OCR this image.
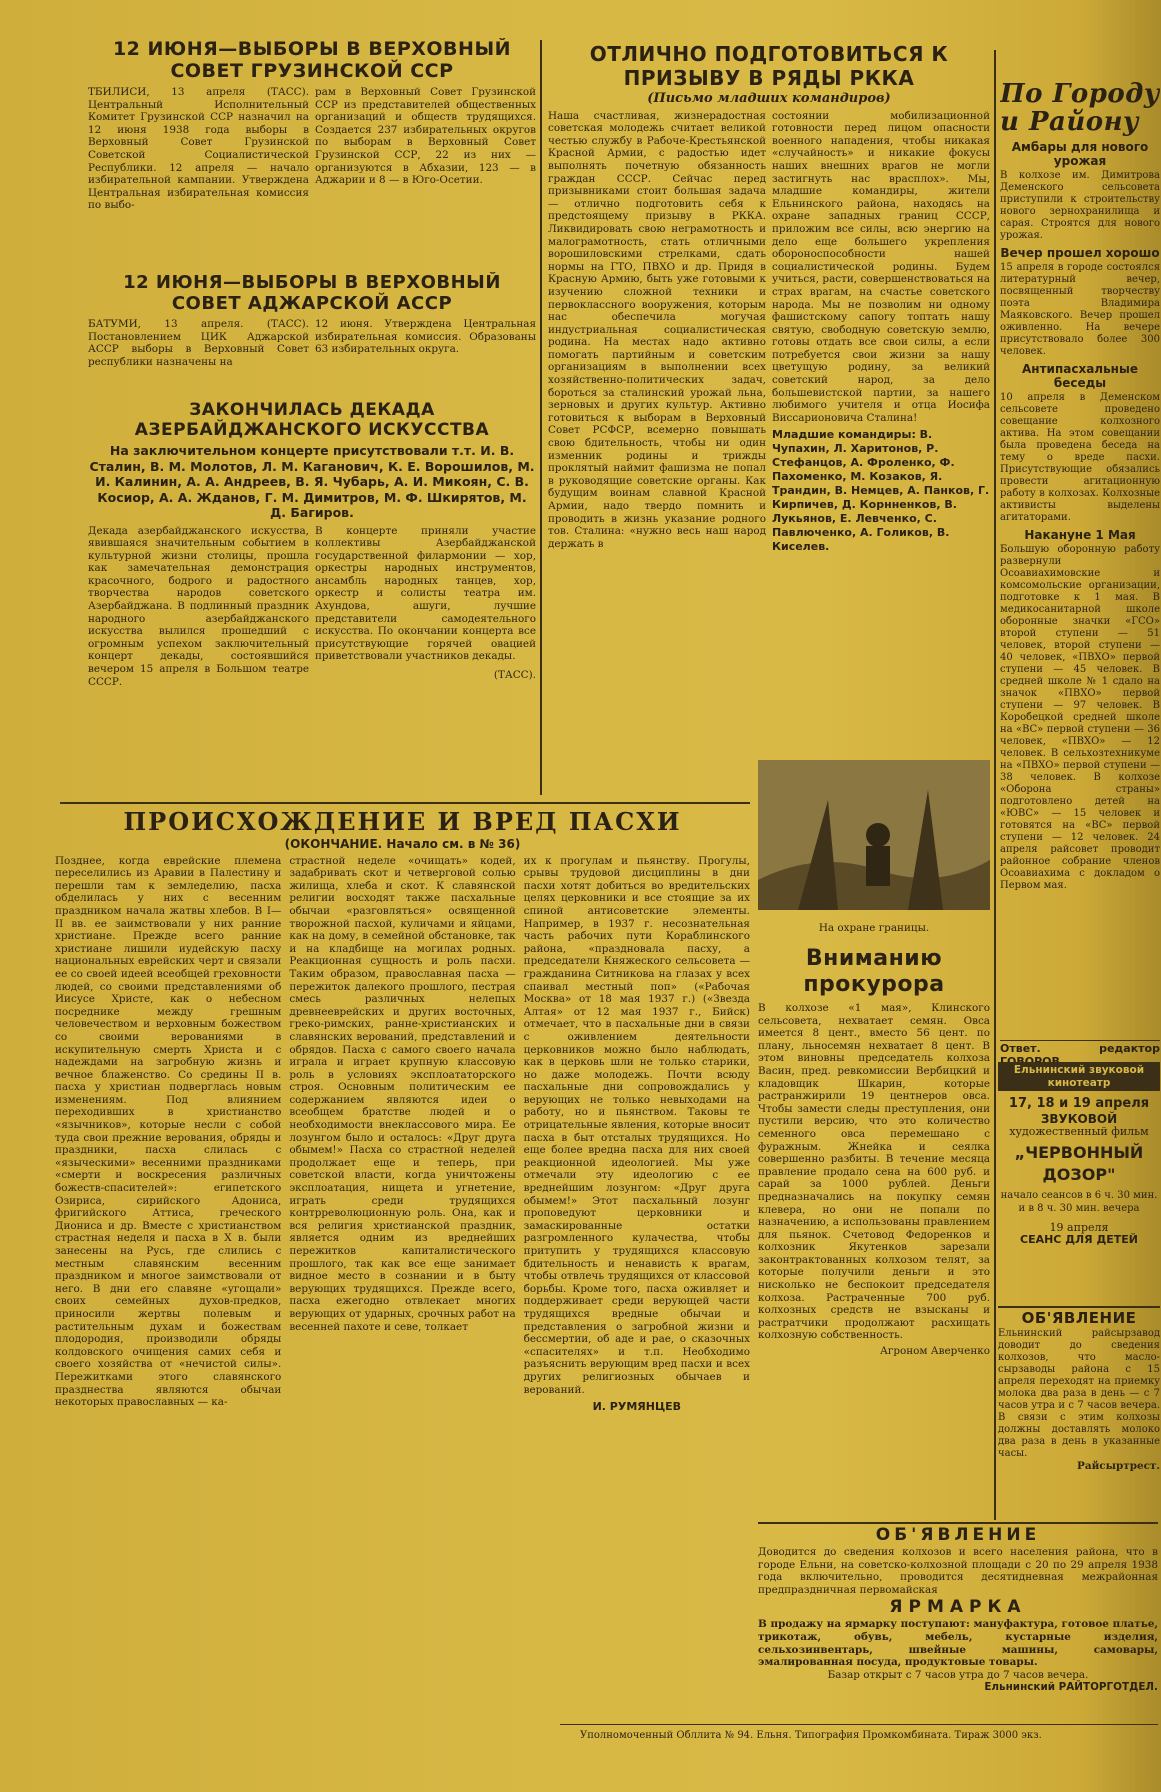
12 ИЮНЯ—ВЫБОРЫ В ВЕРХОВНЫЙ СОВЕТ ГРУЗИНСКОЙ ССР

ТБИЛИСИ, 13 апреля (ТАСС). Центральный Исполнительный Комитет Грузинской ССР назначил на 12 июня 1938 года выборы в Верховный Совет Грузинской Советской Социалистической Республики. 12 апреля — начало избирательной кампании. Утверждена Центральная избирательная комиссия по выбо-

рам в Верховный Совет Грузинской ССР из представителей общественных организаций и обществ трудящихся. Создается 237 избирательных округов по выборам в Верховный Совет Грузинской ССР, 22 из них — организуются в Абхазии, 123 — в Аджарии и 8 — в Юго-Осетии.

12 ИЮНЯ—ВЫБОРЫ В ВЕРХОВНЫЙ СОВЕТ АДЖАРСКОЙ АССР

БАТУМИ, 13 апреля. (ТАСС). Постановлением ЦИК Аджарской АССР выборы в Верховный Совет республики назначены на

12 июня. Утверждена Центральная избирательная комиссия. Образованы 63 избирательных округа.

ЗАКОНЧИЛАСЬ ДЕКАДА АЗЕРБАЙДЖАНСКОГО ИСКУССТВА

На заключительном концерте присутствовали т.т. И. В. Сталин, В. М. Молотов, Л. М. Каганович, К. Е. Ворошилов, М. И. Калинин, А. А. Андреев, В. Я. Чубарь, А. И. Микоян, С. В. Косиор, А. А. Жданов, Г. М. Димитров, М. Ф. Шкирятов, М. Д. Багиров.

Декада азербайджанского искусства, явившаяся значительным событием в культурной жизни столицы, прошла как замечательная демонстрация красочного, бодрого и радостного творчества народов советского Азербайджана. В подлинный праздник народного азербайджанского искусства вылился прошедший с огромным успехом заключительный концерт декады, состоявшийся вечером 15 апреля в Большом театре СССР.

В концерте приняли участие коллективы Азербайджанской государственной филармонии — хор, оркестры народных инструментов, ансамбль народных танцев, хор, оркестр и солисты театра им. Ахундова, ашуги, лучшие представители самодеятельного искусства. По окончании концерта все присутствующие горячей овацией приветствовали участников декады.

(ТАСС).

ОТЛИЧНО ПОДГОТОВИТЬСЯ К ПРИЗЫВУ В РЯДЫ РККА

(Письмо младших командиров)

Наша счастливая, жизнерадостная советская молодежь считает великой честью службу в Рабоче-Крестьянской Красной Армии, с радостью идет выполнять почетную обязанность граждан СССР. Сейчас перед призывниками стоит большая задача — отлично подготовить себя к предстоящему призыву в РККА. Ликвидировать свою неграмотность и малограмотность, стать отличными ворошиловскими стрелками, сдать нормы на ГТО, ПВХО и др. Придя в Красную Армию, быть уже готовыми к изучению сложной техники и первоклассного вооружения, которым нас обеспечила могучая индустриальная социалистическая родина. На местах надо активно помогать партийным и советским организациям в выполнении всех хозяйственно-политических задач, бороться за сталинский урожай льна, зерновых и других культур. Активно готовиться к выборам в Верховный Совет РСФСР, всемерно повышать свою бдительность, чтобы ни один изменник родины и трижды проклятый наймит фашизма не попал в руководящие советские органы. Как будущим воинам славной Красной Армии, надо твердо помнить и проводить в жизнь указание родного тов. Сталина: «нужно весь наш народ держать в

состоянии мобилизационной готовности перед лицом опасности военного нападения, чтобы никакая «случайность» и никакие фокусы наших внешних врагов не могли застигнуть нас врасплох». Мы, младшие командиры, жители Ельнинского района, находясь на охране западных границ СССР, приложим все силы, всю энергию на дело еще большего укрепления обороноспособности нашей социалистической родины. Будем учиться, расти, совершенствоваться на страх врагам, на счастье советского народа. Мы не позволим ни одному фашистскому сапогу топтать нашу святую, свободную советскую землю, готовы отдать все свои силы, а если потребуется свои жизни за нашу цветущую родину, за великий советский народ, за дело большевистской партии, за нашего любимого учителя и отца Иосифа Виссарионовича Сталина!

Младшие командиры: В. Чупахин, Л. Харитонов, Р. Стефанцов, А. Фроленко, Ф. Пахоменко, М. Козаков, Я. Трандин, В. Немцев, А. Панков, Г. Кирпичев, Д. Корнненков, В. Лукьянов, Е. Левченко, С. Павлюченко, А. Голиков, В. Киселев.

На охране границы.

ПРОИСХОЖДЕНИЕ И ВРЕД ПАСХИ

(ОКОНЧАНИЕ. Начало см. в № 36)

Позднее, когда еврейские племена переселились из Аравии в Палестину и перешли там к земледелию, пасха обделилась у них с весенним праздником начала жатвы хлебов. В I—II вв. ее заимствовали у них ранние христиане. Прежде всего ранние христиане лишили иудейскую пасху национальных еврейских черт и связали ее со своей идеей всеобщей греховности людей, со своими представлениями об Иисусе Христе, как о небесном посреднике между грешным человечеством и верховным божеством со своими верованиями в искупительную смерть Христа и с надеждами на загробную жизнь и вечное блаженство. Со средины II в. пасха у христиан подверглась новым изменениям. Под влиянием переходивших в христианство «язычников», которые несли с собой туда свои прежние верования, обряды и праздники, пасха слилась с «языческими» весенними праздниками «смерти и воскресения различных божеств-спасителей»: египетского Озириса, сирийского Адониса, фригийского Аттиса, греческого Диониса и др. Вместе с христианством страстная неделя и пасха в X в. были занесены на Русь, где слились с местным славянским весенним праздником и многое заимствовали от него. В дни его славяне «угощали» своих семейных духов-предков, приносили жертвы полевым и растительным духам и божествам плодородия, производили обряды колдовского очищения самих себя и своего хозяйства от «нечистой силы». Пережитками этого славянского празднества являются обычаи некоторых православных — ка-

страстной неделе «очищать» кодей, задабривать скот и четверговой солью жилища, хлеба и скот. К славянской религии восходят также пасхальные обычаи «разговляться» освященной творожной пасхой, куличами и яйцами, как на дому, в семейной обстановке, так и на кладбище на могилах родных. Реакционная сущность и роль пасхи. Таким образом, православная пасха — пережиток далекого прошлого, пестрая смесь различных нелепых древнееврейских и других восточных, греко-римских, ранне-христианских и славянских верований, представлений и обрядов. Пасха с самого своего начала играла и играет крупную классовую роль в условиях эксплоататорского строя. Основным политическим ее содержанием являются идеи о всеобщем братстве людей и о необходимости внеклассового мира. Ее лозунгом было и осталось: «Друг друга обымем!» Пасха со страстной неделей продолжает еще и теперь, при советской власти, когда уничтожены эксплоатация, нищета и угнетение, играть среди трудящихся контрреволюционную роль. Она, как и вся религия христианской праздник, является одним из вреднейших пережитков капиталистического прошлого, так как все еще занимает видное место в сознании и в быту верующих трудящихся. Прежде всего, пасха ежегодно отвлекает многих верующих от ударных, срочных работ на весенней пахоте и севе, толкает

их к прогулам и пьянству. Прогулы, срывы трудовой дисциплины в дни пасхи хотят добиться во вредительских целях церковники и все стоящие за их спиной антисоветские элементы. Например, в 1937 г. несознательная часть рабочих пути Кораблинского района, «праздновала пасху, а председатели Княжеского сельсовета — гражданина Ситникова на глазах у всех спаивал местный поп» («Рабочая Москва» от 18 мая 1937 г.) («Звезда Алтая» от 12 мая 1937 г., Бийск) отмечает, что в пасхальные дни в связи с оживлением деятельности церковников можно было наблюдать, как в церковь шли не только старики, но даже молодежь. Почти всюду пасхальные дни сопровождались у верующих не только невыходами на работу, но и пьянством. Таковы те отрицательные явления, которые вносит пасха в быт отсталых трудящихся. Но еще более вредна пасха для них своей реакционной идеологией. Мы уже отмечали эту идеологию с ее вреднейшим лозунгом: «Друг друга обымем!» Этот пасхальный лозунг проповедуют церковники и замаскированные остатки разгромленного кулачества, чтобы притупить у трудящихся классовую бдительность и ненависть к врагам, чтобы отвлечь трудящихся от классовой борьбы. Кроме того, пасха оживляет и поддерживает среди верующей части трудящихся вредные обычаи и представления о загробной жизни и бессмертии, об аде и рае, о сказочных «спасителях» и т.п. Необходимо разъяснить верующим вред пасхи и всех других религиозных обычаев и верований.

И. РУМЯНЦЕВ

Вниманию прокурора

В колхозе «1 мая», Клинского сельсовета, нехватает семян. Овса имеется 8 цент., вместо 56 цент. по плану, льносемян нехватает 8 цент. В этом виновны председатель колхоза Васин, пред. ревкомиссии Вербицкий и кладовщик Шкарин, которые растранжирили 19 центнеров овса. Чтобы замести следы преступления, они пустили версию, что это количество семенного овса перемешано с фуражным. Жнейка и сеялка совершенно разбиты. В течение месяца правление продало сена на 600 руб. и сарай за 1000 рублей. Деньги предназначались на покупку семян клевера, но они не попали по назначению, а использованы правлением для пьянок. Счетовод Федоренков и колхозник Якутенков зарезали законтрактованных колхозом телят, за которые получили деньги и это нисколько не беспокоит председателя колхоза. Растраченные 700 руб. колхозных средств не взысканы и растратчики продолжают расхищать колхозную собственность.

Агроном Аверченко

По Городу и Району
Амбары для нового урожая

В колхозе им. Димитрова Деменского сельсовета приступили к строительству нового зернохранилища и сарая. Строятся для нового урожая.

Вечер прошел хорошо

15 апреля в городе состоялся литературный вечер, посвященный творчеству поэта Владимира Маяковского. Вечер прошел оживленно. На вечере присутствовало более 300 человек.

Антипасхальные беседы

10 апреля в Деменском сельсовете проведено совещание колхозного актива. На этом совещании была проведена беседа на тему о вреде пасхи. Присутствующие обязались провести агитационную работу в колхозах. Колхозные активисты выделены агитаторами.

Накануне 1 Мая

Большую оборонную работу развернули Осоавиахимовские и комсомольские организации, подготовке к 1 мая. В медикосанитарной школе оборонные значки «ГСО» второй ступени — 51 человек, второй ступени — 40 человек, «ПВХО» первой ступени — 45 человек. В средней школе № 1 сдало на значок «ПВХО» первой ступени — 97 человек. В Коробецкой средней школе на «ВС» первой ступени — 36 человек, «ПВХО» — 12 человек. В сельхозтехникуме на «ПВХО» первой ступени — 38 человек. В колхозе «Оборона страны» подготовлено детей на «ЮВС» — 15 человек и готовятся на «ВС» первой ступени — 12 человек. 24 апреля райсовет проводит районное собрание членов Осоавиахима с докладом о Первом мая.

Ответ. редактор

Ельнинский звуковой кинотеатр

17, 18 и 19 апреля

ЗВУКОВОЙ

художественный фильм

„ЧЕРВОННЫЙ ДОЗОР"

начало сеансов в 6 ч. 30 мин. и в 8 ч. 30 мин. вечера

19 апреля

СЕАНС ДЛЯ ДЕТЕЙ

ОБ'ЯВЛЕНИЕ

Ельнинский райсырзавод доводит до сведения колхозов, что масло-сырзаводы района с 15 апреля переходят на приемку молока два раза в день — с 7 часов утра и с 7 часов вечера. В связи с этим колхозы должны доставлять молоко два раза в день в указанные часы.

Райсыртрест.

ОБ'ЯВЛЕНИЕ

Доводится до сведения колхозов и всего населения района, что в городе Ельни, на советско-колхозной площади с 20 по 29 апреля 1938 года включительно, проводится десятидневная межрайонная предпраздничная первомайская

ЯРМАРКА

В продажу на ярмарку поступают: мануфактура, готовое платье, трикотаж, обувь, мебель, кустарные изделия, сельхозинвентарь, швейные машины, самовары, эмалированная посуда, продуктовые товары.

Базар открыт с 7 часов утра до 7 часов вечера.

Ельнинский РАЙТОРГОТДЕЛ.

Уполномоченный Обллита № 94. Ельня. Типография Промкомбината. Тираж 3000 экз.
